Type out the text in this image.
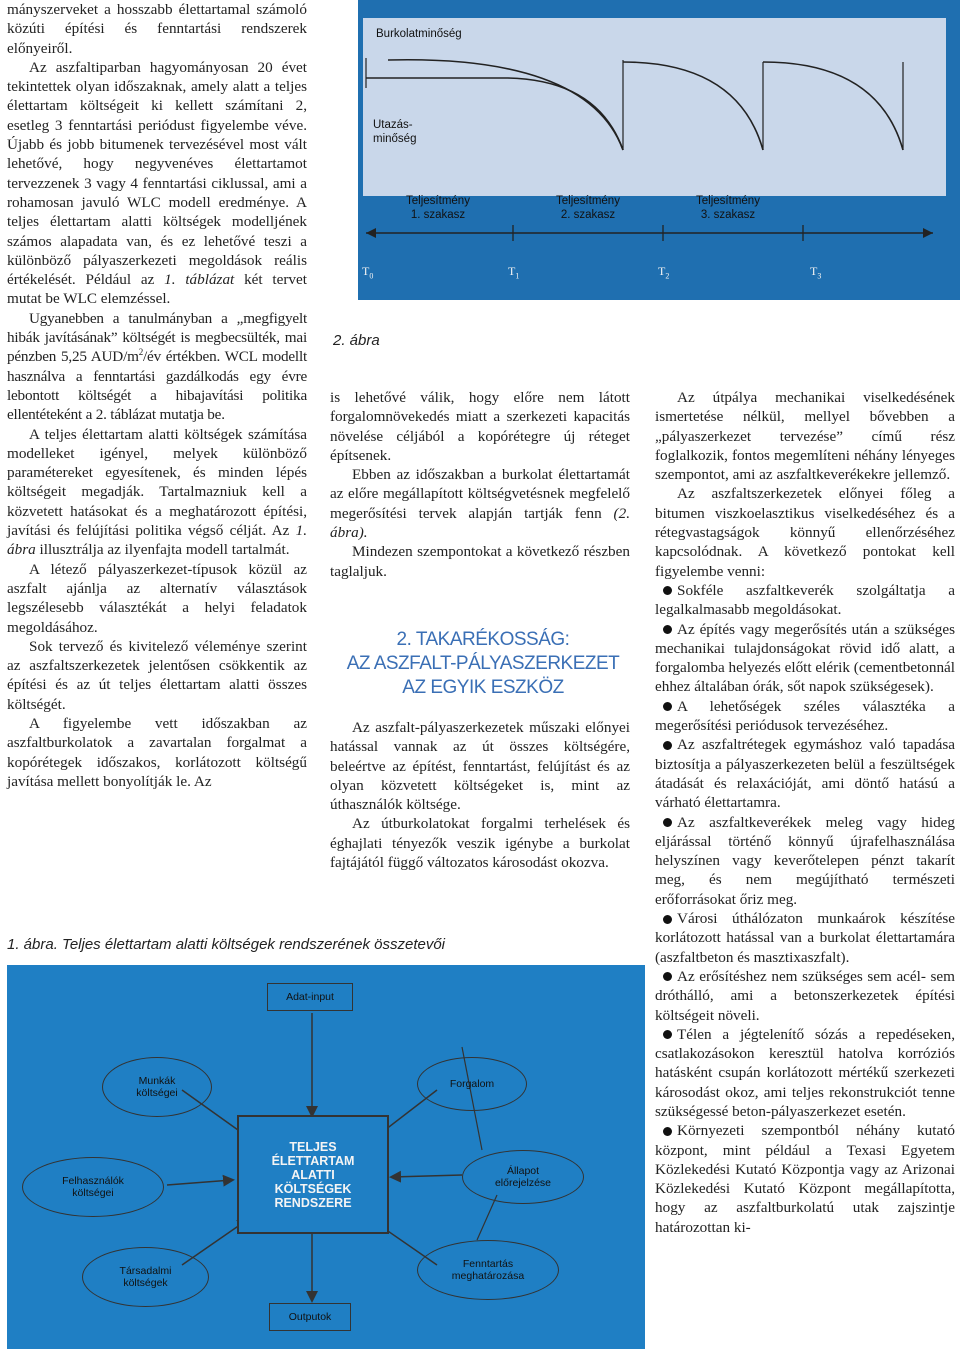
mányszerveket a hosszabb élettartamal számoló közúti építési és fenntartási rendszerek előnyeiről.

Az aszfaltiparban hagyományosan 20 évet tekintettek olyan időszaknak, amely alatt a teljes élettartam költségeit ki kellett számítani 2, esetleg 3 fenntartási periódust figyelembe véve. Újabb és jobb bitumenek tervezésével most vált lehetővé, hogy negyvenéves élettartamot tervezzenek 3 vagy 4 fenntartási ciklussal, ami a rohamosan javuló WLC modell eredménye. A teljes élettartam alatti költségek modelljének számos alapadata van, és ez lehetővé teszi a különböző pályaszerkezeti megoldások reális értékelését. Például az 1. táblázat két tervet mutat be WLC elemzéssel.

Ugyanebben a tanulmányban a „megfigyelt hibák javításának” költségét is megbecsülték, mai pénzben 5,25 AUD/$m^2/év$ értékben. WCL modellt használva a fenntartási gazdálkodás egy évre lebontott költségét a hibajavítási politika ellentéteként a 2. táblázat mutatja be.

A teljes élettartam alatti költségek számítása modelleket igényel, melyek különböző paramétereket egyesítenek, és minden lépés költségeit megadják. Tartalmazniuk kell a közvetett hatásokat és a meghatározott építési, javítási és felújítási politika végső célját. Az 1. ábra illusztrálja az ilyenfajta modell tartalmát.

A létező pályaszerkezet-típusok közül az aszfalt ajánlja az alternatív választások legszélesebb választékát a helyi feladatok megoldásához.

Sok tervező és kivitelező véleménye szerint az aszfaltszerkezetek jelentősen csökkentik az építési és az út teljes élettartam alatti összes költségét.

A figyelembe vett időszakban az aszfaltburkolatok a zavartalan forgalmat a kopórétegek időszakos, korlátozott költségű javítása mellett bonyolítják le. Az

Burkolatminőség
Utazás-
minőség
Teljesítmény
1. szakasz
Teljesítmény
2. szakasz
Teljesítmény
3. szakasz
$T_0$	$T_1$	$T_2$	$T_3$
2. ábra

is lehetővé válik, hogy előre nem látott forgalomnövekedés miatt a szerkezeti kapacitás növelése céljából a kopórétegre új réteget építsenek.

Ebben az időszakban a burkolat élettartamát az előre megállapított költségvetésnek megfelelő megerősítési tervek alapján tartják fenn (2. ábra).

Mindezen szempontokat a következő részben taglaljuk.

2. TAKARÉKOSSÁG:
AZ ASZFALT-PÁLYASZERKEZET
AZ EGYIK ESZKÖZ

Az aszfalt-pályaszerkezetek műszaki előnyei hatással vannak az út összes költségére, beleértve az építést, fenntartást, felújítást és az olyan közvetett költségeket is, mint az úthasználók költsége.

Az útburkolatokat forgalmi terhelések és éghajlati tényezők veszik igénybe a burkolat fajtájától függő változatos károsodást okozva.

Az útpálya mechanikai viselkedésének ismertetése nélkül, mellyel bővebben a „pályaszerkezet tervezése” című rész foglalkozik, fontos megemlíteni néhány lényeges szempontot, ami az aszfaltkeverékekre jellemző.

Az aszfaltszerkezetek előnyei főleg a bitumen viszkoelasztikus viselkedéséhez és a rétegvastagságok könnyű ellenőrzéséhez kapcsolódnak. A következő pontokat kell figyelembe venni:

Sokféle aszfaltkeverék szolgáltatja a legalkalmasabb megoldásokat.

Az építés vagy megerősítés után a szükséges mechanikai tulajdonságokat rövid idő alatt, a forgalomba helyezés előtt elérik (cementbetonnál ehhez általában órák, sőt napok szükségesek).

A lehetőségek széles választéka a megerősítési periódusok tervezéséhez.

Az aszfaltrétegek egymáshoz való tapadása biztosítja a pályaszerkezeten belül a feszültségek átadását és relaxációját, ami döntő hatású a várható élettartamra.

Az aszfaltkeverékek meleg vagy hideg eljárással történő könnyű újrafelhasználása helyszínen vagy keverőtelepen pénzt takarít meg, és nem megújítható természeti erőforrásokat őriz meg.

Városi úthálózaton munkaárok készítése korlátozott hatással van a burkolat élettartamára (aszfaltbeton és masztixaszfalt).

Az erősítéshez nem szükséges sem acél- sem dróthálló, ami a betonszerkezetek építési költségeit növeli.

Télen a jégtelenítő sózás a repedéseken, csatlakozásokon keresztül hatolva korróziós hatásként csupán korlátozott mértékű szerkezeti károsodást okoz, ami teljes rekonstrukciót tenne szükségessé beton-pályaszerkezet esetén.

Környezeti szempontból néhány kutató központ, mint például a Texasi Egyetem Közlekedési Kutató Központja vagy az Arizonai Közlekedési Kutató Központ megállapította, hogy az aszfaltburkolatú utak zajszintje határozottan ki-

1. ábra. Teljes élettartam alatti költségek rendszerének összetevői
Adat-input
Outputok
TELJES
ÉLETTARTAM
ALATTI
KÖLTSÉGEK
RENDSZERE
Munkák
költségei
Felhasználók
költségei
Társadalmi
költségek
Forgalom
Állapot
előrejelzése
Fenntartás
meghatározása
